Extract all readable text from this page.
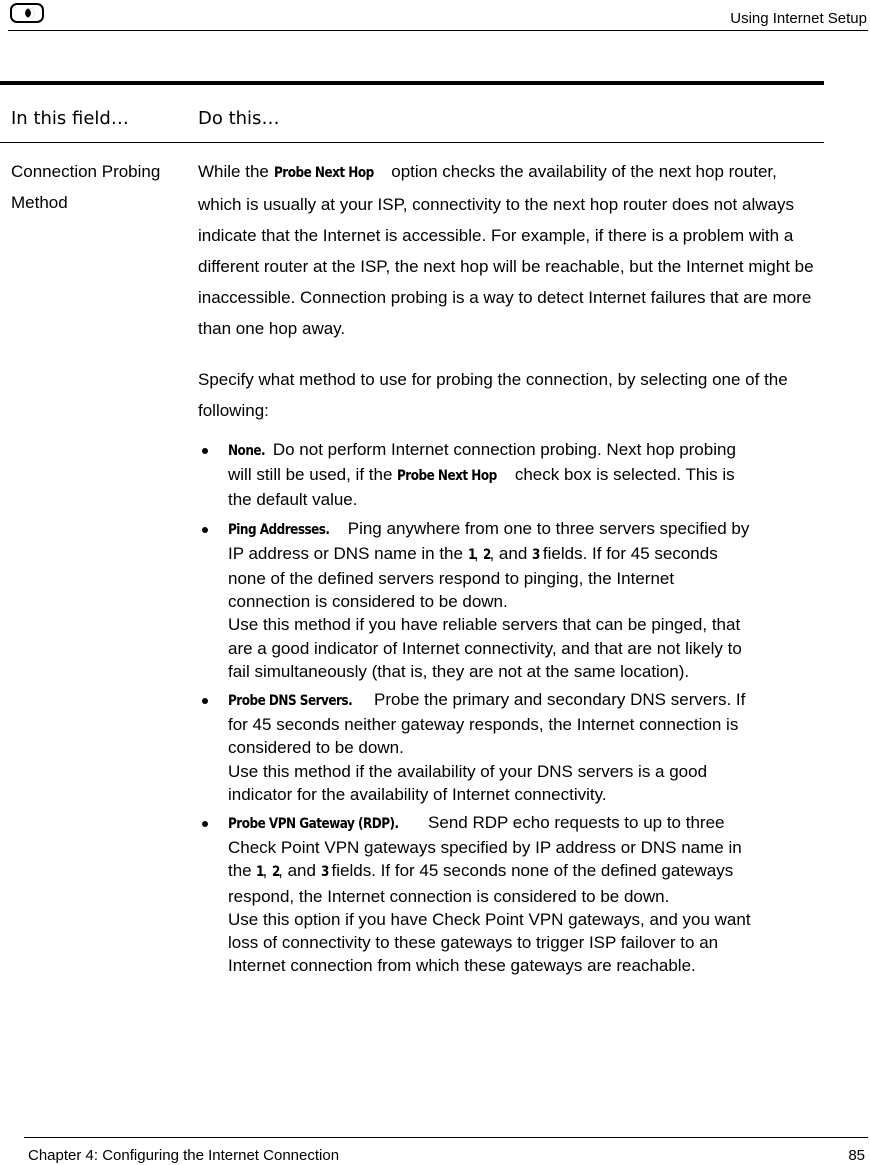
Using Internet Setup
In this field…	Do this…
Connection Probing Method

While the Probe Next Hop option checks the availability of the next hop router, which is usually at your ISP, connectivity to the next hop router does not always indicate that the Internet is accessible. For example, if there is a problem with a different router at the ISP, the next hop will be reachable, but the Internet might be inaccessible. Connection probing is a way to detect Internet failures that are more than one hop away.

Specify what method to use for probing the connection, by selecting one of the following:

None. Do not perform Internet connection probing. Next hop probing will still be used, if the Probe Next Hop check box is selected. This is the default value.
Ping Addresses. Ping anywhere from one to three servers specified by IP address or DNS name in the 1, 2, and 3 fields. If for 45 seconds none of the defined servers respond to pinging, the Internet connection is considered to be down.
Use this method if you have reliable servers that can be pinged, that are a good indicator of Internet connectivity, and that are not likely to fail simultaneously (that is, they are not at the same location).
Probe DNS Servers. Probe the primary and secondary DNS servers. If for 45 seconds neither gateway responds, the Internet connection is considered to be down.
Use this method if the availability of your DNS servers is a good indicator for the availability of Internet connectivity.
Probe VPN Gateway (RDP). Send RDP echo requests to up to three Check Point VPN gateways specified by IP address or DNS name in the 1, 2, and 3 fields. If for 45 seconds none of the defined gateways respond, the Internet connection is considered to be down.
Use this option if you have Check Point VPN gateways, and you want loss of connectivity to these gateways to trigger ISP failover to an Internet connection from which these gateways are reachable.
Chapter 4: Configuring the Internet Connection	85
